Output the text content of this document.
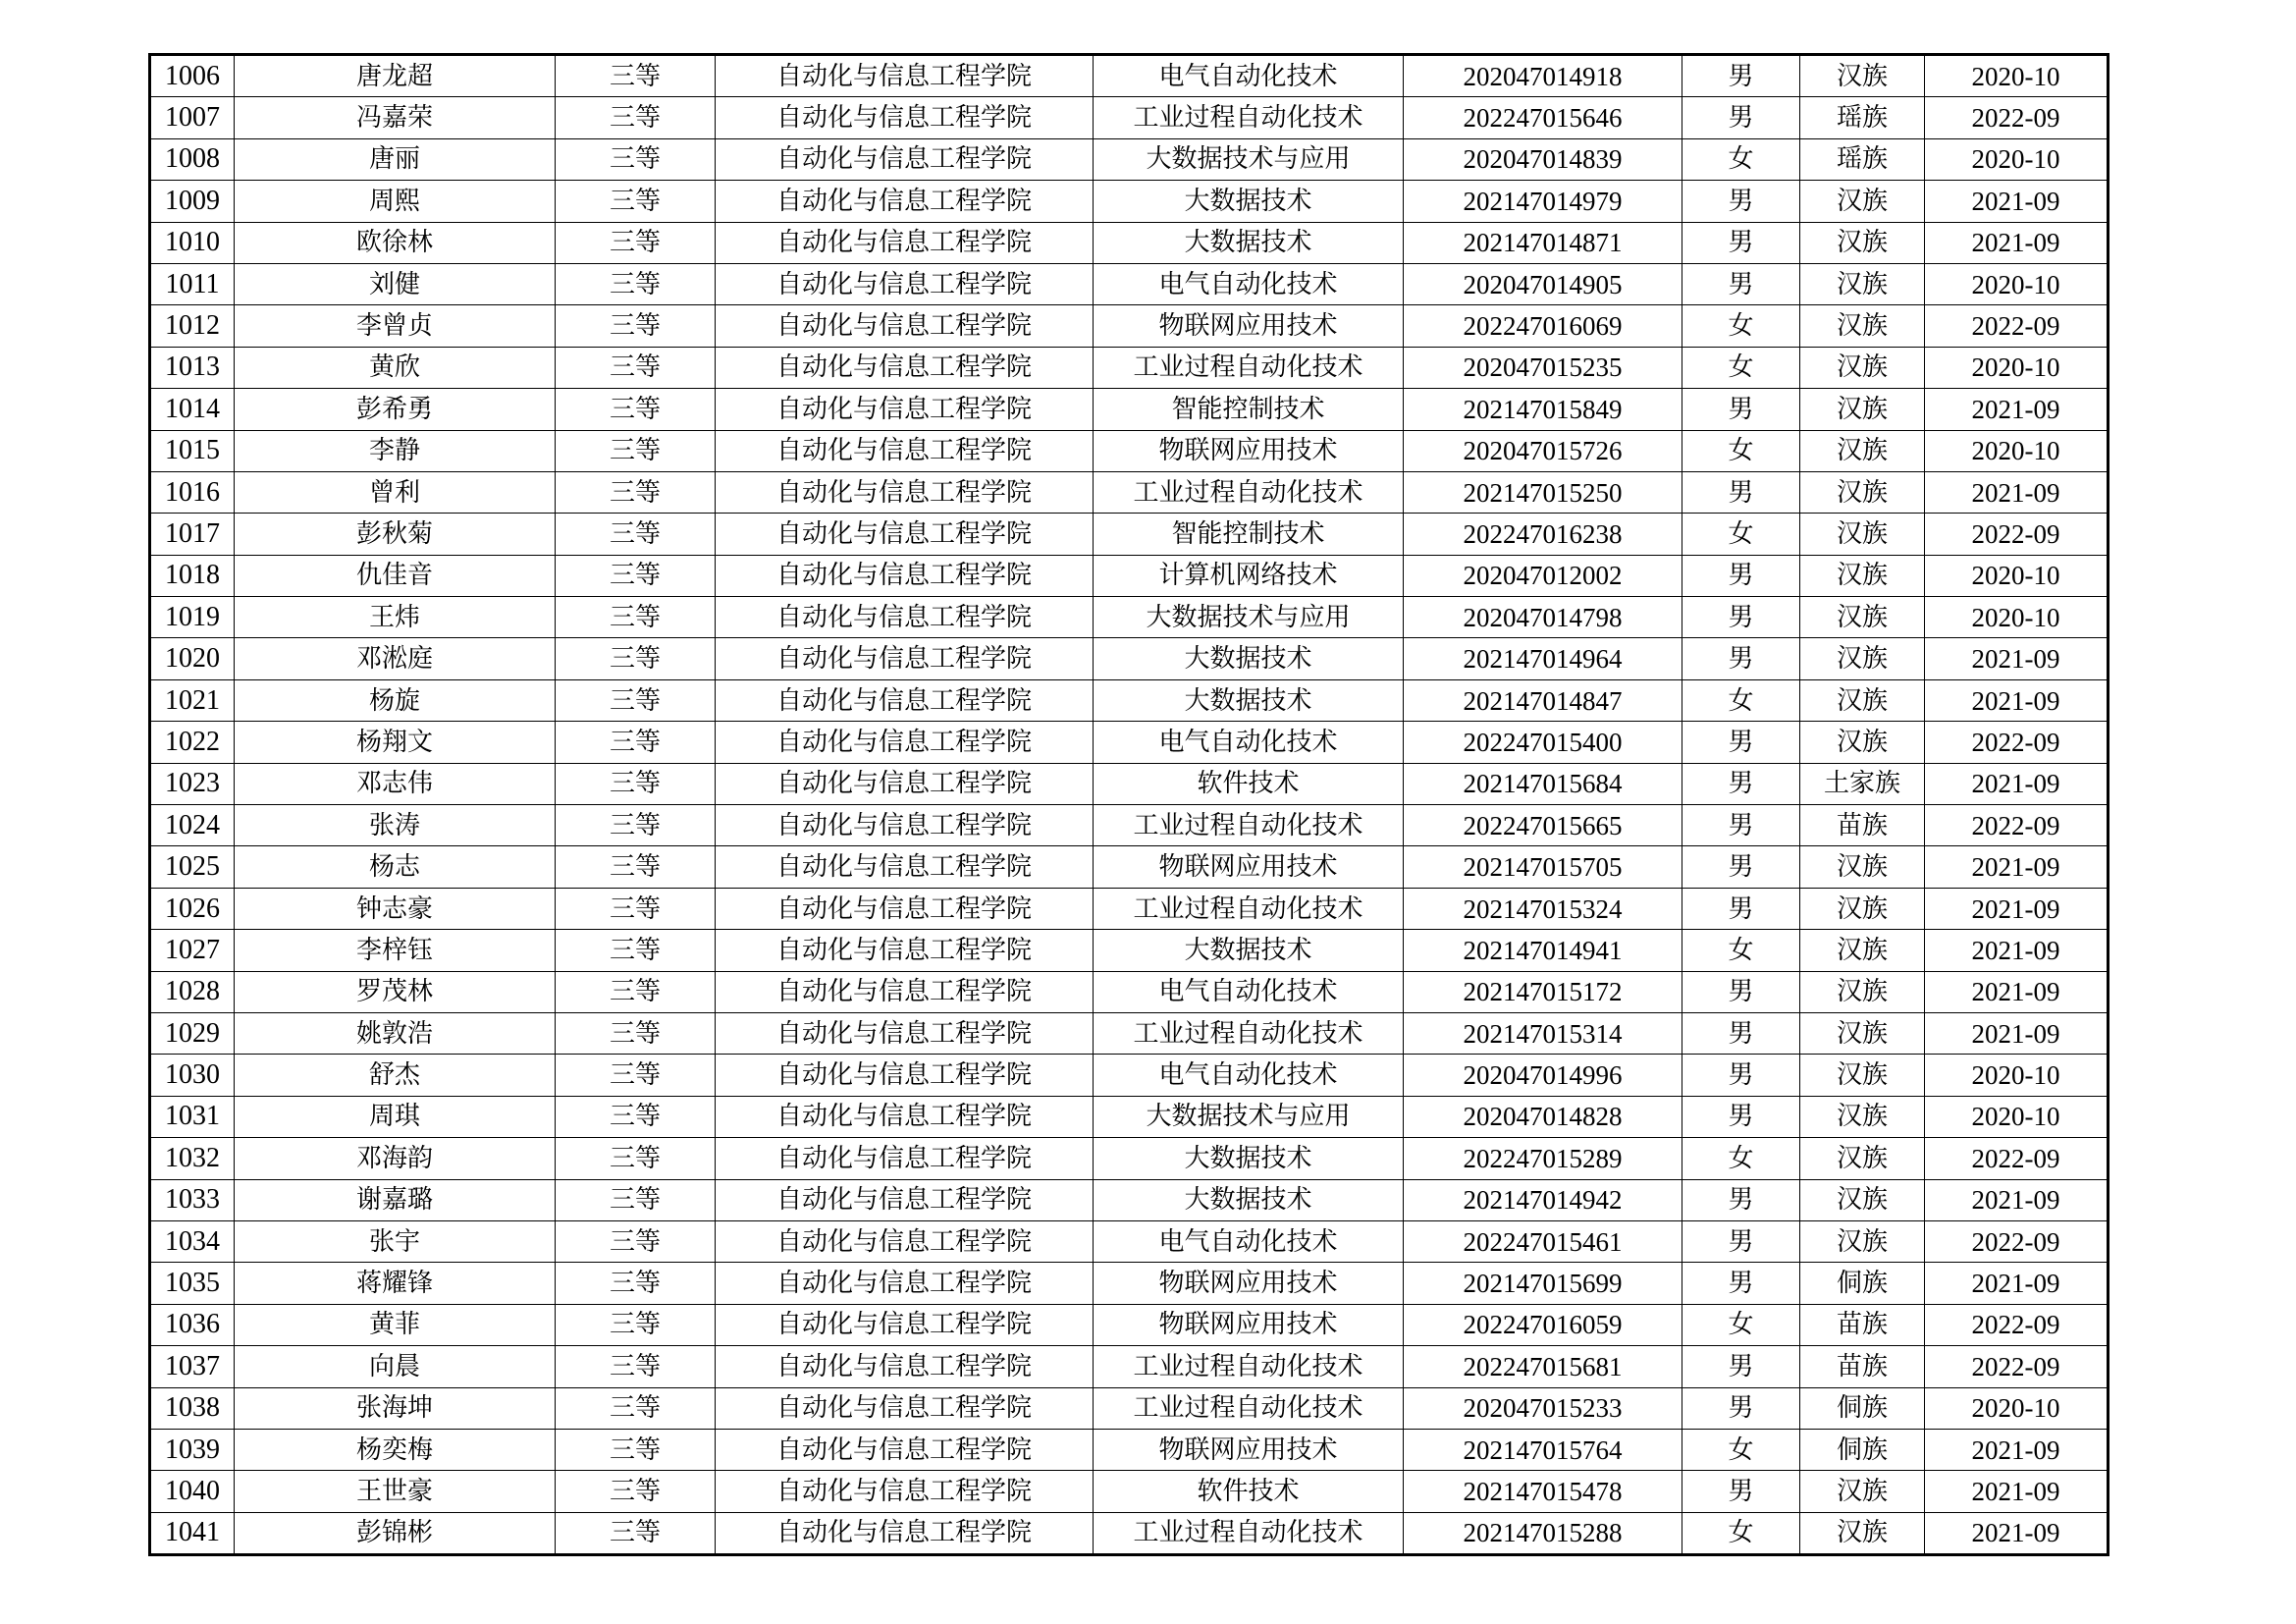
1006	唐龙超	三等	自动化与信息工程学院	电气自动化技术	202047014918	男	汉族	2020-10
1007	冯嘉荣	三等	自动化与信息工程学院	工业过程自动化技术	202247015646	男	瑶族	2022-09
1008	唐丽	三等	自动化与信息工程学院	大数据技术与应用	202047014839	女	瑶族	2020-10
1009	周熙	三等	自动化与信息工程学院	大数据技术	202147014979	男	汉族	2021-09
1010	欧徐林	三等	自动化与信息工程学院	大数据技术	202147014871	男	汉族	2021-09
1011	刘健	三等	自动化与信息工程学院	电气自动化技术	202047014905	男	汉族	2020-10
1012	李曾贞	三等	自动化与信息工程学院	物联网应用技术	202247016069	女	汉族	2022-09
1013	黄欣	三等	自动化与信息工程学院	工业过程自动化技术	202047015235	女	汉族	2020-10
1014	彭希勇	三等	自动化与信息工程学院	智能控制技术	202147015849	男	汉族	2021-09
1015	李静	三等	自动化与信息工程学院	物联网应用技术	202047015726	女	汉族	2020-10
1016	曾利	三等	自动化与信息工程学院	工业过程自动化技术	202147015250	男	汉族	2021-09
1017	彭秋菊	三等	自动化与信息工程学院	智能控制技术	202247016238	女	汉族	2022-09
1018	仇佳音	三等	自动化与信息工程学院	计算机网络技术	202047012002	男	汉族	2020-10
1019	王炜	三等	自动化与信息工程学院	大数据技术与应用	202047014798	男	汉族	2020-10
1020	邓淞庭	三等	自动化与信息工程学院	大数据技术	202147014964	男	汉族	2021-09
1021	杨旋	三等	自动化与信息工程学院	大数据技术	202147014847	女	汉族	2021-09
1022	杨翔文	三等	自动化与信息工程学院	电气自动化技术	202247015400	男	汉族	2022-09
1023	邓志伟	三等	自动化与信息工程学院	软件技术	202147015684	男	土家族	2021-09
1024	张涛	三等	自动化与信息工程学院	工业过程自动化技术	202247015665	男	苗族	2022-09
1025	杨志	三等	自动化与信息工程学院	物联网应用技术	202147015705	男	汉族	2021-09
1026	钟志豪	三等	自动化与信息工程学院	工业过程自动化技术	202147015324	男	汉族	2021-09
1027	李梓钰	三等	自动化与信息工程学院	大数据技术	202147014941	女	汉族	2021-09
1028	罗茂林	三等	自动化与信息工程学院	电气自动化技术	202147015172	男	汉族	2021-09
1029	姚敦浩	三等	自动化与信息工程学院	工业过程自动化技术	202147015314	男	汉族	2021-09
1030	舒杰	三等	自动化与信息工程学院	电气自动化技术	202047014996	男	汉族	2020-10
1031	周琪	三等	自动化与信息工程学院	大数据技术与应用	202047014828	男	汉族	2020-10
1032	邓海韵	三等	自动化与信息工程学院	大数据技术	202247015289	女	汉族	2022-09
1033	谢嘉璐	三等	自动化与信息工程学院	大数据技术	202147014942	男	汉族	2021-09
1034	张宇	三等	自动化与信息工程学院	电气自动化技术	202247015461	男	汉族	2022-09
1035	蒋耀锋	三等	自动化与信息工程学院	物联网应用技术	202147015699	男	侗族	2021-09
1036	黄菲	三等	自动化与信息工程学院	物联网应用技术	202247016059	女	苗族	2022-09
1037	向晨	三等	自动化与信息工程学院	工业过程自动化技术	202247015681	男	苗族	2022-09
1038	张海坤	三等	自动化与信息工程学院	工业过程自动化技术	202047015233	男	侗族	2020-10
1039	杨奕梅	三等	自动化与信息工程学院	物联网应用技术	202147015764	女	侗族	2021-09
1040	王世豪	三等	自动化与信息工程学院	软件技术	202147015478	男	汉族	2021-09
1041	彭锦彬	三等	自动化与信息工程学院	工业过程自动化技术	202147015288	女	汉族	2021-09
